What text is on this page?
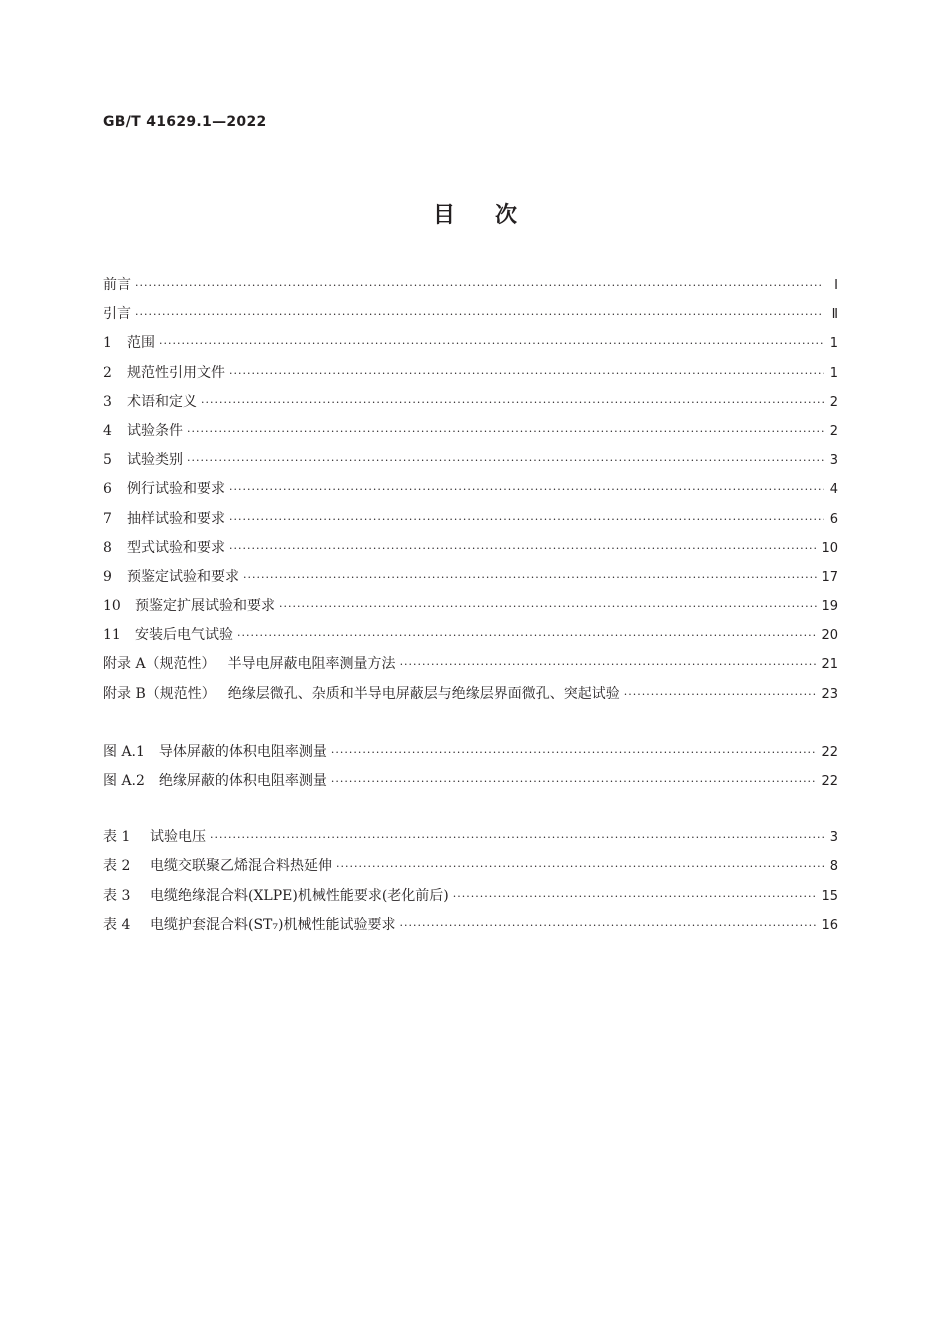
GB/T 41629.1—2022
目次
前言 ·····	Ⅰ
引言 ·····	Ⅱ
1 范围 ·····	1
2 规范性引用文件 ·····	1
3 术语和定义 ·····	2
4 试验条件 ·····	2
5 试验类别 ·····	3
6 例行试验和要求 ·····	4
7 抽样试验和要求 ·····	6
8 型式试验和要求 ·····	10
9 预鉴定试验和要求 ·····	17
10 预鉴定扩展试验和要求 ·····	19
11 安装后电气试验 ·····	20
附录 A（规范性） 半导电屏蔽电阻率测量方法 ·····	21
附录 B（规范性） 绝缘层微孔、杂质和半导电屏蔽层与绝缘层界面微孔、突起试验 ·····	23
图 A.1 导体屏蔽的体积电阻率测量 ·····	22
图 A.2 绝缘屏蔽的体积电阻率测量 ·····	22
表 1 试验电压 ·····	3
表 2 电缆交联聚乙烯混合料热延伸 ·····	8
表 3 电缆绝缘混合料(XLPE)机械性能要求(老化前后) ·····	15
表 4 电缆护套混合料(ST₇)机械性能试验要求 ·····	16
